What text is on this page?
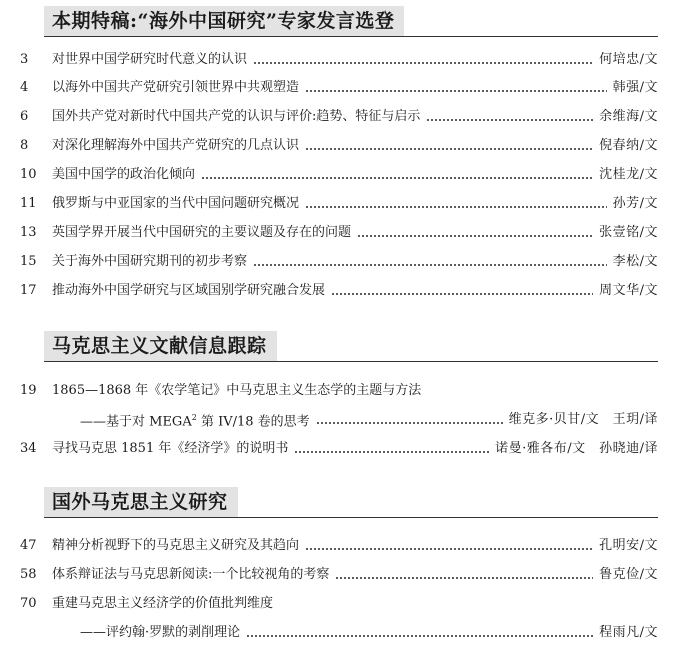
本期特稿:“海外中国研究”专家发言选登
3	对世界中国学研究时代意义的认识	何培忠/文
4	以海外中国共产党研究引领世界中共观塑造	韩强/文
6	国外共产党对新时代中国共产党的认识与评价:趋势、特征与启示	余维海/文
8	对深化理解海外中国共产党研究的几点认识	倪春纳/文
10	美国中国学的政治化倾向	沈桂龙/文
11	俄罗斯与中亚国家的当代中国问题研究概况	孙芳/文
13	英国学界开展当代中国研究的主要议题及存在的问题	张壹铭/文
15	关于海外中国研究期刊的初步考察	李松/文
17	推动海外中国学研究与区域国别学研究融合发展	周文华/文
马克思主义文献信息跟踪
19	1865—1868 年《农学笔记》中马克思主义生态学的主题与方法
——基于对 MEGA$^2$ 第 IV/18 卷的思考	维克多·贝甘/文　王玥/译
34	寻找马克思 1851 年《经济学》的说明书	诺曼·雅各布/文　孙晓迪/译
国外马克思主义研究
47	精神分析视野下的马克思主义研究及其趋向	孔明安/文
58	体系辩证法与马克思新阅读:一个比较视角的考察	鲁克俭/文
70	重建马克思主义经济学的价值批判维度
——评约翰·罗默的剥削理论	程雨凡/文
